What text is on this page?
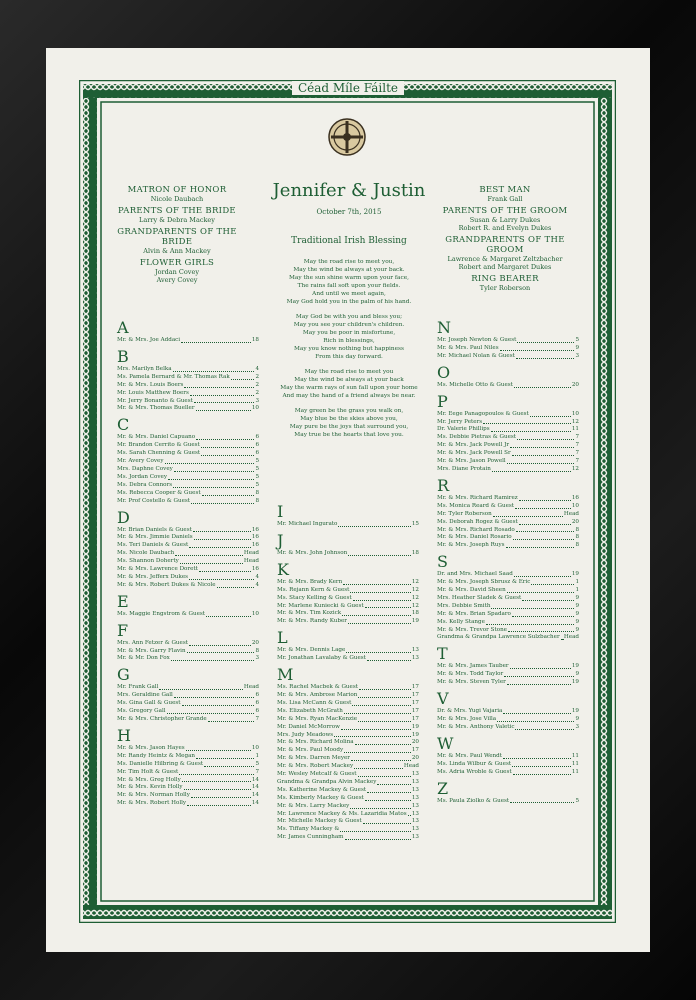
Céad Míle Fáilte
Jennifer & Justin
October 7th, 2015
Traditional Irish Blessing
May the road rise to meet you,
May the wind be always at your back.
May the sun shine warm upon your face,
The rains fall soft upon your fields.
And until we meet again,
May God hold you in the palm of his hand.
May God be with you and bless you;
May you see your children's children.
May you be poor in misfortune,
Rich in blessings,
May you know nothing but happiness
From this day forward.
May the road rise to meet you
May the wind be always at your back
May the warm rays of sun fall upon your home
And may the hand of a friend always be near.
May green be the grass you walk on,
May blue be the skies above you,
May pure be the joys that surround you,
May true be the hearts that love you.
MATRON OF HONOR
Nicole Daubach
PARENTS OF THE BRIDE
Larry & Debra Mackey
GRANDPARENTS OF THE BRIDE
Alvin & Ann Mackey
FLOWER GIRLS
Jordan Covey
Avery Covey
BEST MAN
Frank Gall
PARENTS OF THE GROOM
Susan & Larry Dukes
Robert R. and Evelyn Dukes
GRANDPARENTS OF THE GROOM
Lawrence & Margaret Zeltzbacher
Robert and Margaret Dukes
RING BEARER
Tyler Roberson
A
Mr. & Mrs. Joe Addaci	18
B
Mrs. Marilyn Belka	4
Ms. Pamela Bernard & Mr. Thomas Rak	2
Mr. & Mrs. Louis Boers	2
Mr. Louis Matthew Boers	2
Mr. Jerry Bonanto & Guest	3
Mr. & Mrs. Thomas Bueller	10
C
Mr. & Mrs. Daniel Capuano	6
Mr. Brandon Cerrito & Guest	6
Ms. Sarah Chenning & Guest	6
Mr. Avery Covey	5
Mrs. Daphne Covey	5
Ms. Jordan Covey	5
Ms. Debra Connors	5
Ms. Rebecca Cooper & Guest	8
Mr. Prof Costello & Guest	8
D
Mr. Brian Daniels & Guest	16
Mr. & Mrs. Jimmie Daniels	16
Ms. Teri Daniels & Guest	16
Ms. Nicole Daubach	Head
Ms. Shannon Doherty	Head
Mr. & Mrs. Lawrence Dorett	16
Mr. & Mrs. Jefferx Dukes	4
Mr. & Mrs. Robert Dukes & Nicole	4
E
Ms. Maggie Engstrom & Guest	10
F
Mrs. Ann Fetzer & Guest	20
Mr. & Mrs. Garry Flavin	8
Mr. & Mr. Don Fox	3
G
Mr. Frank Gall	Head
Mrs. Geraldine Gall	6
Ms. Gina Gall & Guest	6
Ms. Gregory Gall	6
Mr. & Mrs. Christopher Grande	7
H
Mr. & Mrs. Jason Hayes	10
Mr. Randy Heintz & Megan	1
Ms. Danielle Hilbring & Guest	5
Mr. Tim Holt & Guest	7
Mr. & Mrs. Greg Holly	14
Mr. & Mrs. Kevin Holly	14
Mr. & Mrs. Norman Holly	14
Mr. & Mrs. Robert Holly	14
I
Mr. Michael Ingurato	15
J
Mr. & Mrs. John Johnson	18
K
Mr. & Mrs. Brady Kern	12
Ms. Rejann Kern & Guest	12
Ms. Stacy Kelling & Guest	12
Mr. Marlene Kuniecki & Guest	12
Mr. & Mrs. Tim Kozick	18
Mr. & Mrs. Randy Kuber	19
L
Mr. & Mrs. Dennis Lage	13
Mr. Jonathan Lavalaby & Guest	13
M
Ms. Rachel Macbek & Guest	17
Mr. & Mrs. Ambrose Marion	17
Ms. Lisa McCann & Guest	17
Ms. Elizabeth McGrath	17
Mr. & Mrs. Ryan MacKenzie	17
Mr. Daniel McMorrow	19
Mrs. Judy Meadows	19
Mr. & Mrs. Richard Molina	20
Mr. & Mrs. Paul Moody	17
Mr. & Mrs. Darren Meyer	20
Mr. & Mrs. Robert Mackey	Head
Mr. Wesley Metcalf & Guest	13
Grandma & Grandpa Alvin Mackey	13
Ms. Katherine Mackey & Guest	13
Ms. Kimberly Mackey & Guest	13
Mr. & Mrs. Larry Mackey	13
Mr. Lawrence Mackey & Ms. Lazaridia Matos 13
Mr. Michelle Mackey & Guest	13
Ms. Tiffany Mackey &	13
Mr. James Cunningham	13
N
Mr. Joseph Newton & Guest	5
Mr. & Mrs. Paul Niles	9
Mr. Michael Nolan & Guest	3
O
Ms. Michelle Otto & Guest	20
P
Mr. Eege Panagopoulos & Guest	10
Mr. Jerry Peters	12
Dr. Valerie Phillips	11
Ms. Debbie Pietras & Guest	7
Mr. & Mrs. Jack Powell Jr	7
Mr. & Mrs. Jack Powell Sr	7
Mr. & Mrs. Jason Powell	7
Mrs. Diane Protain	12
R
Mr. & Mrs. Richard Ramirez	16
Ms. Monica Reard & Guest	10
Mr. Tyler Roberson	Head
Ms. Deborah Rogez & Guest	20
Mr. & Mrs. Richard Rosado	8
Mr. & Mrs. Daniel Rosario	8
Mr. & Mrs. Joseph Ruys	8
S
Dr. and Mrs. Michael Saad	19
Mr. & Mrs. Joseph Sbrusz & Eric	1
Mr. & Mrs. David Sheen	1
Mrs. Heather Sladek & Guest	9
Mrs. Debbie Smith	9
Mr. & Mrs. Brian Spadaro	9
Ms. Kelly Stange	9
Mr. & Mrs. Trevor Stone	9
Grandma & Grandpa Lawrence Sulzbacher Head
T
Mr. & Mrs. James Tauber	19
Mr. & Mrs. Todd Taylor	9
Mr. & Mrs. Steven Tyler	19
V
Dr. & Mrs. Yugi Vajaria	19
Mr. & Mrs. Jose Villa	9
Mr. & Mrs. Anthony Valetic	3
W
Mr. & Mrs. Paul Wendt	11
Ms. Linda Wilbur & Guest	11
Ms. Adria Wroble & Guest	11
Z
Ms. Paula Ziolko & Guest	5
